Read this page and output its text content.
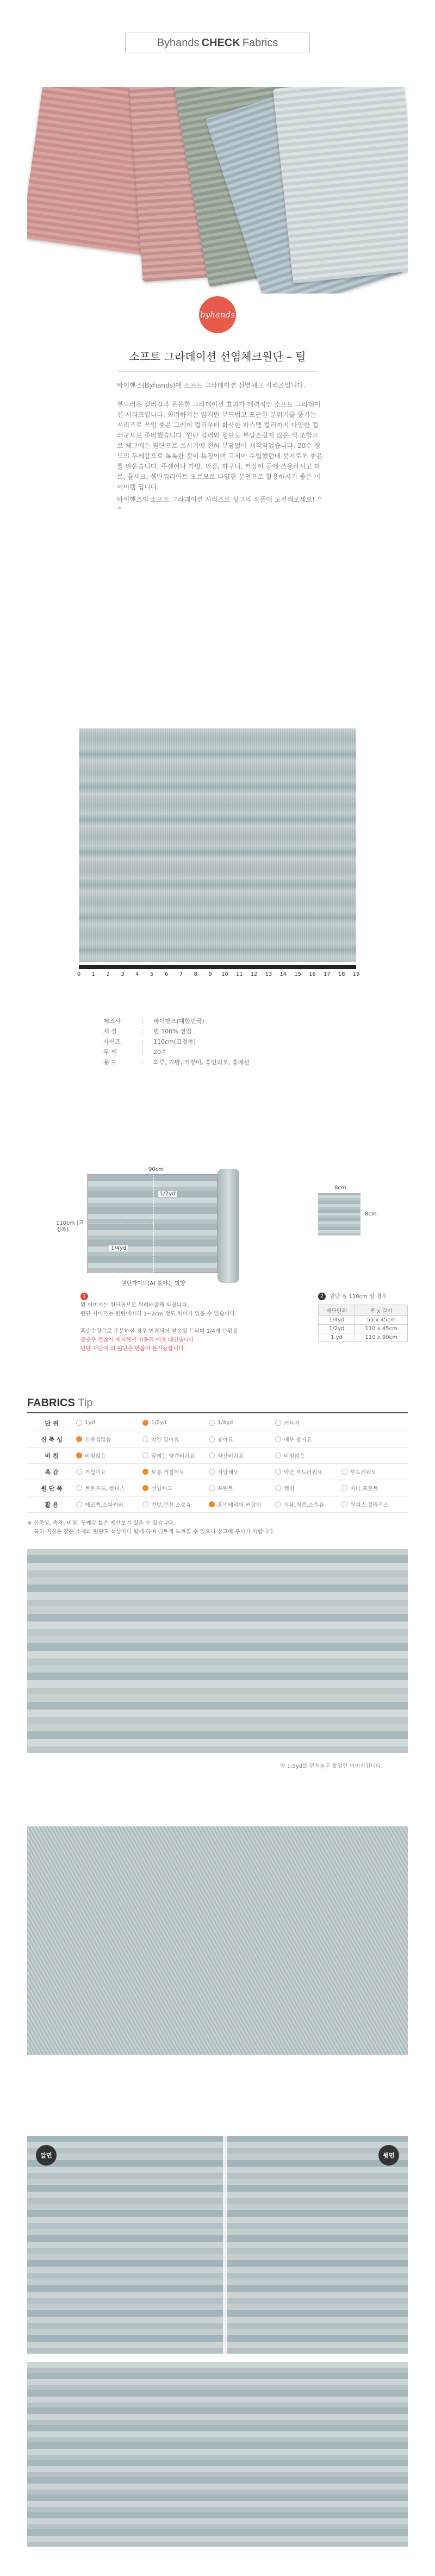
Byhands CHECK Fabrics
byhands
소프트 그라데이션 선염체크원단 – 틸
바이핸즈(Byhands)에 소프트 그라데이션 선염체크 시리즈입니다.
부드러운 컬러감과 은은한 그라데이션 효과가 매력적인 소프트 그라데이션 시리즈입니다. 화려하지는 않지만 부드럽고 포근한 분위기를 풍기는 시리즈로 쓰임 좋은 그레이 컬러부터 화사한 파스텔 컬러까지 다양한 컬러군으로 준비했습니다. 원단 컬러와 원단도 부담스럽지 않은 색 조합으로 체그에든 원단으로 쓰시기에 전혀 부담없이 제작되었습니다. 20수 정도의 두께감으로 톡톡한 것이 특징이며 고저에 수입했던데 뭇지로쏘 좋은를 바운습니다. 주센어나 가방, 의감, 파구니, 커장이 등에 쓰용하시고 파르, 틀세크, 셀탄워러이트 모르모로 다양한 분연으로 활용하시기 좋은 이 이이템 입니다.
바이핸즈의 소프트 그라데이션 시리즈로 싱그의 작품에 도전해보세요! ^ ^
0	1	2	3	4	5	6	7	8	9	10	11	12	13	14	15	16	17	18	19
제조사	: 바이핸즈(대한민국)
재 질	: 면 100% 선염
사이즈	: 110cm(고정폭)
두 께	: 20수
용 도	: 의류, 가방, 커장이, 홈인리오, 홈패션
1/2yd
1/4yd
90cm
110cm (고정폭)
원단가이드(A) 롤이는 방향
8cm
8cm
1
위 이미지는 원크롬으로 원례배출해 타졌니다.
원단 사이즈는 원탄에따라 1~2cm 정도 차이가 있을 수 있습니다.
혹순수량으로 주문하실 경우 연결되어 발송될 드리며 1/4개 단위를
출순우 전찮시 재지해서 자동드 예초 때인습니다.
판단 재단에 의 원단은 반품이 불가능합니다.
2 원단 폭 110cm 일 경우
재단단위	폭 x 길이
1/4yd	55 x 45cm
1/2yd	110 x 45cm
1 yd	110 x 90cm
FABRICS Tip
단 위	1yd	1/2yd	1/4yd	커트지
신 축 성	신축성없음	약간 있어요	좋아요	매우 좋아요
비 침	비침없음	앞에는 약간비쳐요	약간비쳐요	비침많음
촉 감	거칠어요	보통 거칠어요	적당해요	약간 부드러워요	부드러워요
원 단 폭	트로우드, 켄버스	선염체크	프린트	캔버	아나,프로트
활 용	에코백,소파커버	가방,쿠션,소품류	홈인테리어,커장이	의류,식품,소품류	원피스,블라우스
※ 신축성, 촉착, 비침, 두께감 틀은 제안보기 있을 수 있습니다.
특히 비침은 같은 소재와 원단도 색상마다 함께 하며 더트게 느껴질 수 있으니 참고해 주시기 바랍니다.
약 1.5yd를 펀쳐놓고 촬영한 이미지입니다.
앞면	뒷면
